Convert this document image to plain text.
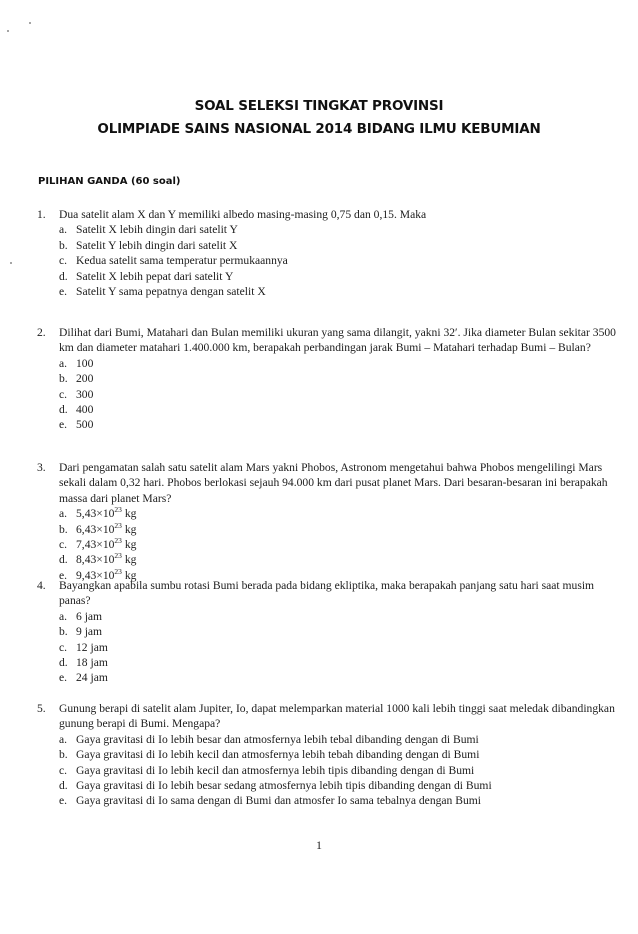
SOAL SELEKSI TINGKAT PROVINSI
OLIMPIADE SAINS NASIONAL 2014 BIDANG ILMU KEBUMIAN
PILIHAN GANDA (60 soal)
1.	Dua satelit alam X dan Y memiliki albedo masing-masing 0,75 dan 0,15. Maka
a. Satelit X lebih dingin dari satelit Y
b. Satelit Y lebih dingin dari satelit X
c. Kedua satelit sama temperatur permukaannya
d. Satelit X lebih pepat dari satelit Y
e. Satelit Y sama pepatnya dengan satelit X
2.	Dilihat dari Bumi, Matahari dan Bulan memiliki ukuran yang sama dilangit, yakni 32′. Jika diameter Bulan sekitar 3500 km dan diameter matahari 1.400.000 km, berapakah perbandingan jarak Bumi – Matahari terhadap Bumi – Bulan?
a. 100
b. 200
c. 300
d. 400
e. 500
3.	Dari pengamatan salah satu satelit alam Mars yakni Phobos, Astronom mengetahui bahwa Phobos mengelilingi Mars sekali dalam 0,32 hari. Phobos berlokasi sejauh 94.000 km dari pusat planet Mars. Dari besaran-besaran ini berapakah massa dari planet Mars?
a. $5,43\times 10^{23}$ kg
b. $6,43\times 10^{23}$ kg
c. $7,43\times 10^{23}$ kg
d. $8,43\times 10^{23}$ kg
e. $9,43\times 10^{23}$ kg
4.	Bayangkan apabila sumbu rotasi Bumi berada pada bidang ekliptika, maka berapakah panjang satu hari saat musim panas?
a. 6 jam
b. 9 jam
c. 12 jam
d. 18 jam
e. 24 jam
5.	Gunung berapi di satelit alam Jupiter, Io, dapat melemparkan material 1000 kali lebih tinggi saat meledak dibandingkan gunung berapi di Bumi. Mengapa?
a. Gaya gravitasi di Io lebih besar dan atmosfernya lebih tebal dibanding dengan di Bumi
b. Gaya gravitasi di Io lebih kecil dan atmosfernya lebih tebah dibanding dengan di Bumi
c. Gaya gravitasi di Io lebih kecil dan atmosfernya lebih tipis dibanding dengan di Bumi
d. Gaya gravitasi di Io lebih besar sedang atmosfernya lebih tipis dibanding dengan di Bumi
e. Gaya gravitasi di Io sama dengan di Bumi dan atmosfer Io sama tebalnya dengan Bumi
1
